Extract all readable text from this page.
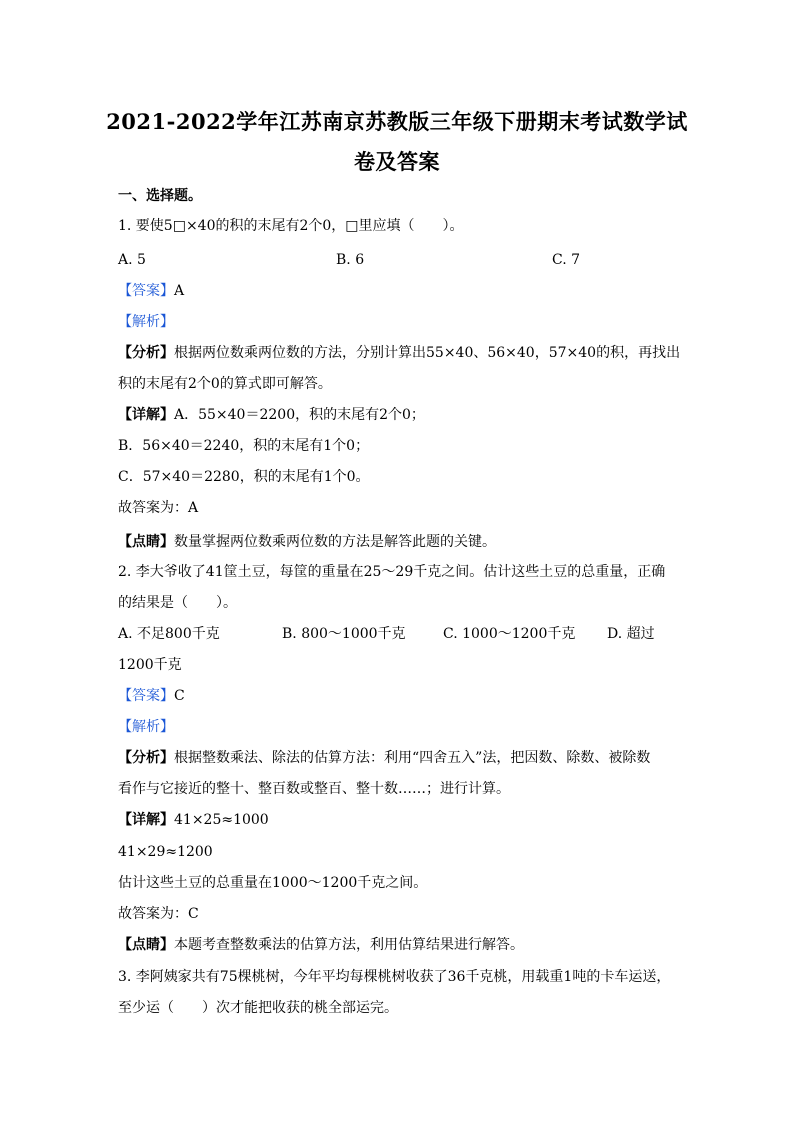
2021-2022学年江苏南京苏教版三年级下册期末考试数学试
卷及答案
一、选择题。
1. 要使5□×40的积的末尾有2个0，□里应填（　　）。
A. 5	B. 6	C. 7
【答案】A
【解析】
【分析】根据两位数乘两位数的方法，分别计算出55×40、56×40，57×40的积，再找出
积的末尾有2个0的算式即可解答。
【详解】A．55×40＝2200，积的末尾有2个0；
B．56×40＝2240，积的末尾有1个0；
C．57×40＝2280，积的末尾有1个0。
故答案为：A
【点睛】数量掌握两位数乘两位数的方法是解答此题的关键。
2. 李大爷收了41筐土豆，每筐的重量在25～29千克之间。估计这些土豆的总重量，正确
的结果是（　　）。
A. 不足800千克	B. 800～1000千克	C. 1000～1200千克 D. 超过
1200千克
【答案】C
【解析】
【分析】根据整数乘法、除法的估算方法：利用“四舍五入”法，把因数、除数、被除数
看作与它接近的整十、整百数或整百、整十数……；进行计算。
【详解】41×25≈1000
41×29≈1200
估计这些土豆的总重量在1000～1200千克之间。
故答案为：C
【点睛】本题考查整数乘法的估算方法，利用估算结果进行解答。
3. 李阿姨家共有75棵桃树，今年平均每棵桃树收获了36千克桃，用载重1吨的卡车运送，
至少运（　　）次才能把收获的桃全部运完。
